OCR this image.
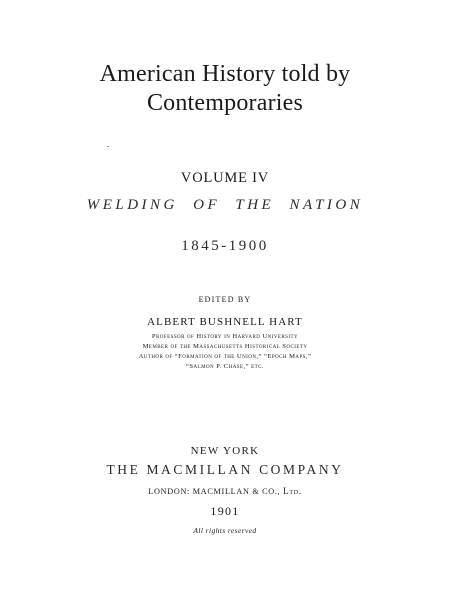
American History told by
Contemporaries
VOLUME IV
WELDING OF THE NATION
1845-1900
EDITED BY
ALBERT BUSHNELL HART
Professor of History in Harvard University
Member of the Massachusetts Historical Society
Author of “Formation of the Union,” “Epoch Maps,”
“Salmon P. Chase,” etc.
NEW YORK
THE MACMILLAN COMPANY
LONDON: MACMILLAN & CO., Ltd.
1901
All rights reserved
